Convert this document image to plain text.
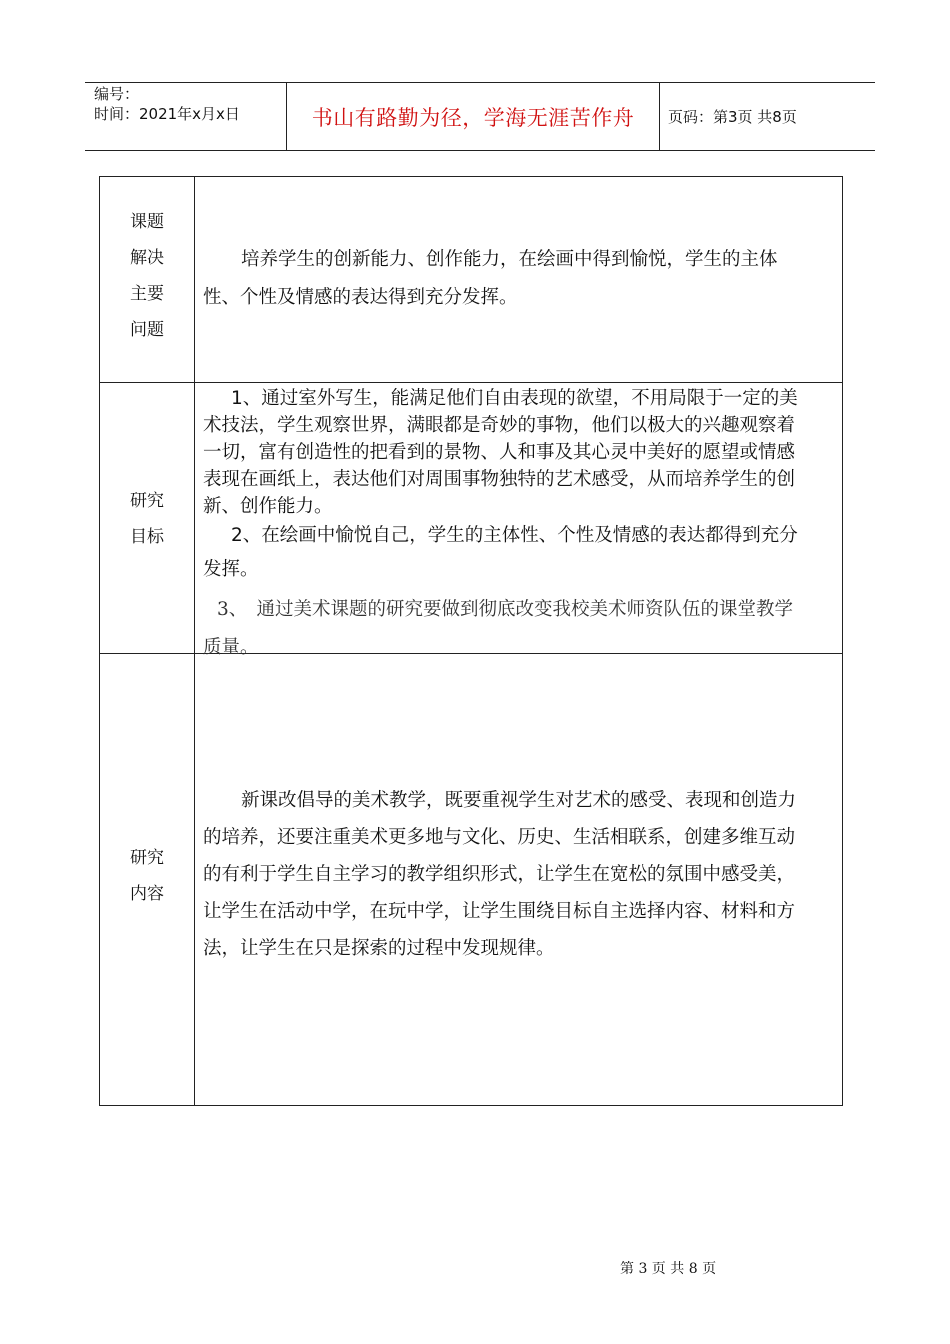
编号：
时间：2021年x月x日	书山有路勤为径，学海无涯苦作舟 页码：第3页 共8页
课题
解决
主要
问题
培养学生的创新能力、创作能力，在绘画中得到愉悦，学生的主体
性、个性及情感的表达得到充分发挥。
研究
目标
1、通过室外写生，能满足他们自由表现的欲望，不用局限于一定的美
术技法，学生观察世界，满眼都是奇妙的事物，他们以极大的兴趣观察着
一切，富有创造性的把看到的景物、人和事及其心灵中美好的愿望或情感
表现在画纸上，表达他们对周围事物独特的艺术感受，从而培养学生的创
新、创作能力。
2、在绘画中愉悦自己，学生的主体性、个性及情感的表达都得到充分
发挥。
3、　通过美术课题的研究要做到彻底改变我校美术师资队伍的课堂教学
质量。
研究
内容
新课改倡导的美术教学，既要重视学生对艺术的感受、表现和创造力
的培养，还要注重美术更多地与文化、历史、生活相联系，创建多维互动
的有利于学生自主学习的教学组织形式，让学生在宽松的氛围中感受美，
让学生在活动中学，在玩中学，让学生围绕目标自主选择内容、材料和方
法，让学生在只是探索的过程中发现规律。
第 3 页 共 8 页
